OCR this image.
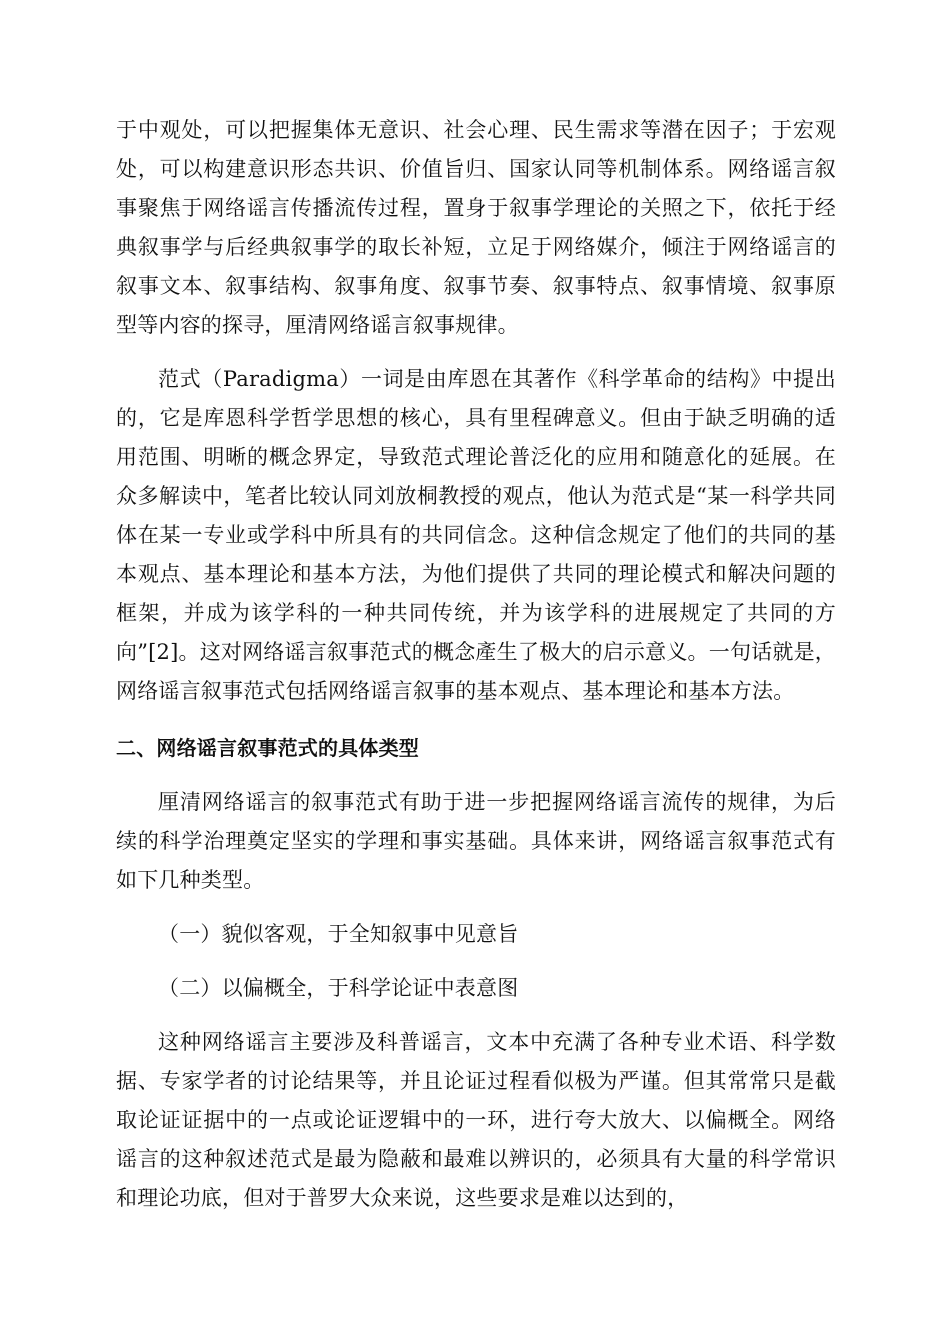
于中观处，可以把握集体无意识、社会心理、民生需求等潜在因子；于宏观处，可以构建意识形态共识、价值旨归、国家认同等机制体系。网络谣言叙事聚焦于网络谣言传播流传过程，置身于叙事学理论的关照之下，依托于经典叙事学与后经典叙事学的取长补短，立足于网络媒介，倾注于网络谣言的叙事文本、叙事结构、叙事角度、叙事节奏、叙事特点、叙事情境、叙事原型等内容的探寻，厘清网络谣言叙事规律。

范式（Paradigma）一词是由库恩在其著作《科学革命的结构》中提出的，它是库恩科学哲学思想的核心，具有里程碑意义。但由于缺乏明确的适用范围、明晰的概念界定，导致范式理论普泛化的应用和随意化的延展。在众多解读中，笔者比较认同刘放桐教授的观点，他认为范式是“某一科学共同体在某一专业或学科中所具有的共同信念。这种信念规定了他们的共同的基本观点、基本理论和基本方法，为他们提供了共同的理论模式和解决问题的框架，并成为该学科的一种共同传统，并为该学科的进展规定了共同的方向”[2]。这对网络谣言叙事范式的概念產生了极大的启示意义。一句话就是，网络谣言叙事范式包括网络谣言叙事的基本观点、基本理论和基本方法。

二、网络谣言叙事范式的具体类型

厘清网络谣言的叙事范式有助于进一步把握网络谣言流传的规律，为后续的科学治理奠定坚实的学理和事实基础。具体来讲，网络谣言叙事范式有如下几种类型。

（一）貌似客观，于全知叙事中见意旨

（二）以偏概全，于科学论证中表意图

这种网络谣言主要涉及科普谣言，文本中充满了各种专业术语、科学数据、专家学者的讨论结果等，并且论证过程看似极为严谨。但其常常只是截取论证证据中的一点或论证逻辑中的一环，进行夸大放大、以偏概全。网络谣言的这种叙述范式是最为隐蔽和最难以辨识的，必须具有大量的科学常识和理论功底，但对于普罗大众来说，这些要求是难以达到的，
